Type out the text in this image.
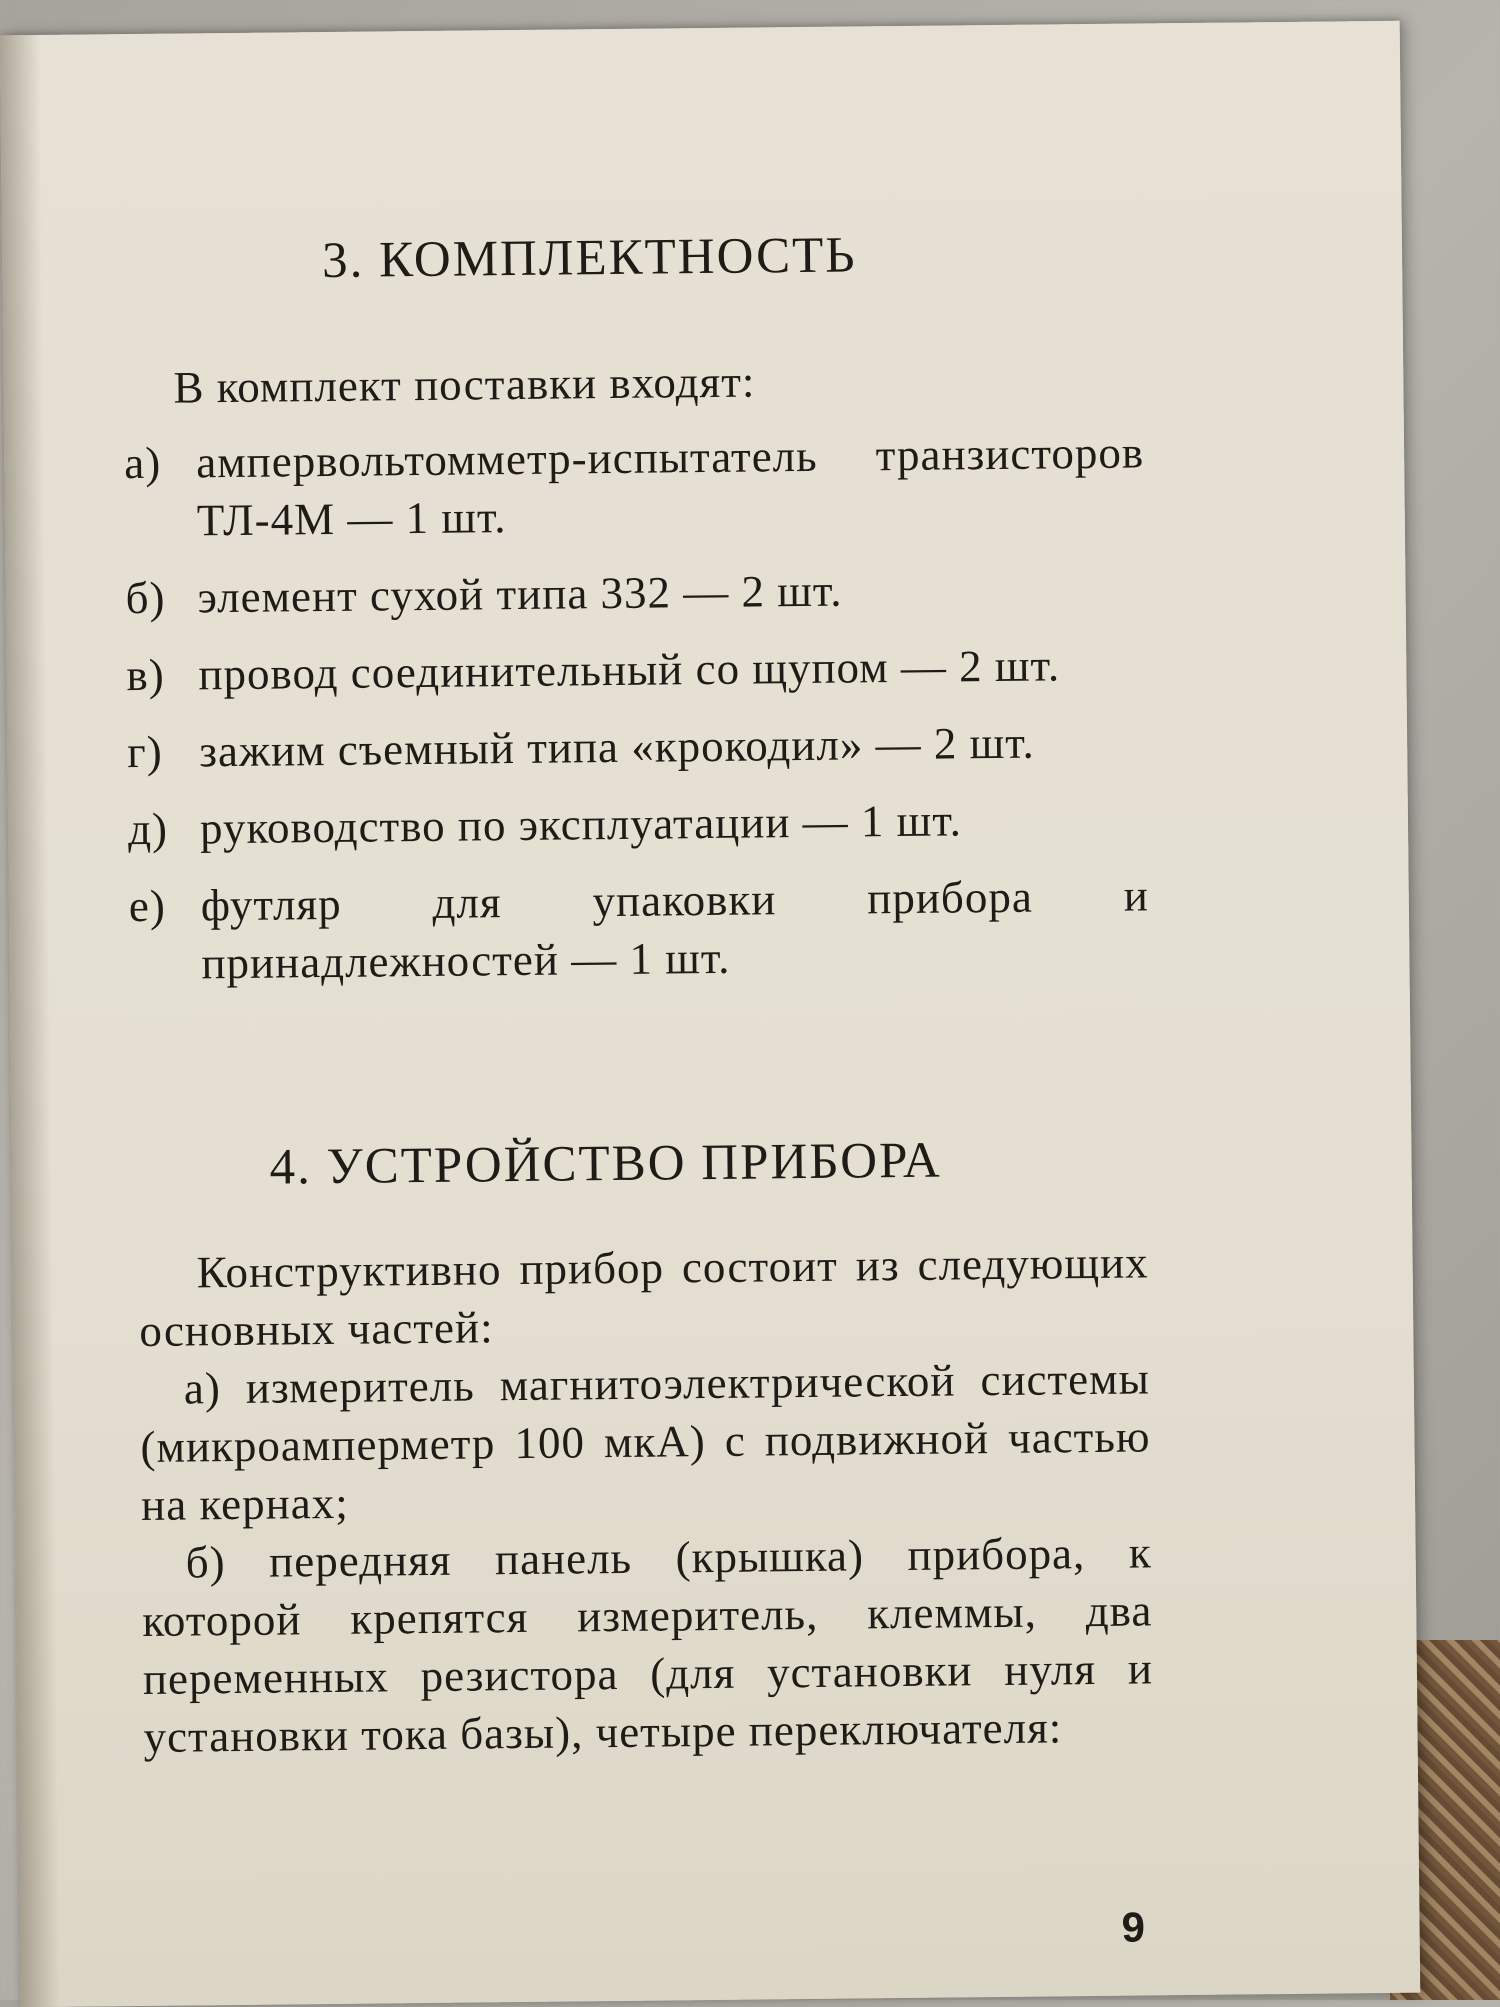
3. КОМПЛЕКТНОСТЬ
В комплект поставки входят:
а) ампервольтомметр-испытатель транзисторов ТЛ-4М — 1 шт.
б) элемент сухой типа 332 — 2 шт.
в) провод соединительный со щупом — 2 шт.
г) зажим съемный типа «крокодил» — 2 шт.
д) руководство по эксплуатации — 1 шт.
е) футляр для упаковки прибора и принадлежностей — 1 шт.
4. УСТРОЙСТВО ПРИБОРА

Конструктивно прибор состоит из следующих основных частей:

а) измеритель магнитоэлектрической системы (микроамперметр 100 мкА) с подвижной частью на кернах;

б) передняя панель (крышка) прибора, к которой крепятся измеритель, клеммы, два переменных резистора (для установки нуля и установки тока базы), четыре переключателя:

9
